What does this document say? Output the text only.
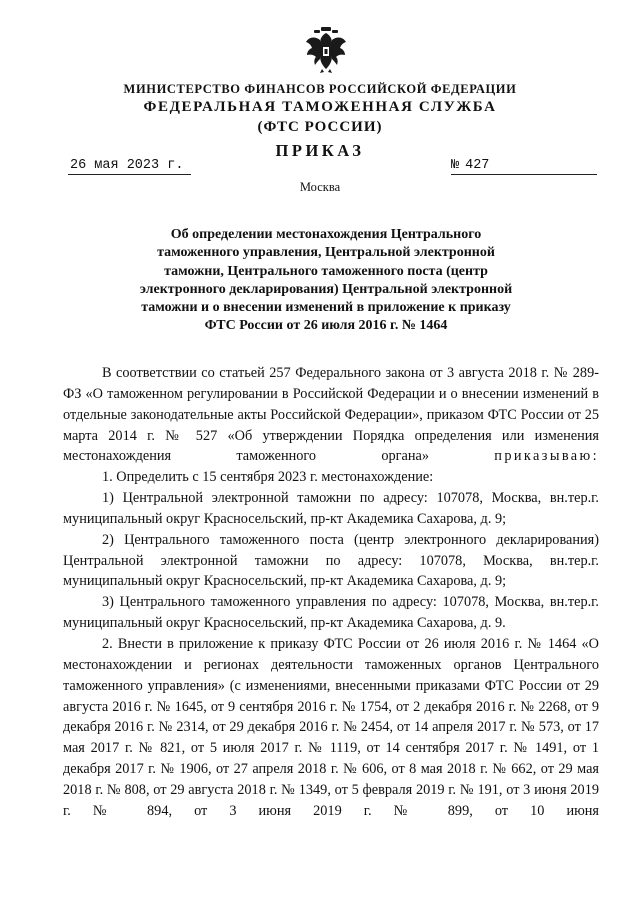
МИНИСТЕРСТВО ФИНАНСОВ РОССИЙСКОЙ ФЕДЕРАЦИИ
ФЕДЕРАЛЬНАЯ ТАМОЖЕННАЯ СЛУЖБА
(ФТС РОССИИ)
ПРИКАЗ
26 мая 2023 г.	№ 427
Москва
Об определении местонахождения Центрального таможенного управления, Центральной электронной таможни, Центрального таможенного поста (центр электронного декларирования) Центральной электронной таможни и о внесении изменений в приложение к приказу ФТС России от 26 июля 2016 г. № 1464

В соответствии со статьей 257 Федерального закона от 3 августа 2018 г. № 289-ФЗ «О таможенном регулировании в Российской Федерации и о внесении изменений в отдельные законодательные акты Российской Федерации», приказом ФТС России от 25 марта 2014 г. № 527 «Об утверждении Порядка определения или изменения местонахождения таможенного органа»	приказываю:

1. Определить с 15 сентября 2023 г. местонахождение:

1) Центральной электронной таможни по адресу: 107078, Москва, вн.тер.г. муниципальный округ Красносельский, пр-кт Академика Сахарова, д. 9;

2) Центрального таможенного поста (центр электронного декларирования) Центральной электронной таможни по адресу: 107078, Москва, вн.тер.г. муниципальный округ Красносельский, пр-кт Академика Сахарова, д. 9;

3) Центрального таможенного управления по адресу: 107078, Москва, вн.тер.г. муниципальный округ Красносельский, пр-кт Академика Сахарова, д. 9.

2. Внести в приложение к приказу ФТС России от 26 июля 2016 г. № 1464 «О местонахождении и регионах деятельности таможенных органов Центрального таможенного управления» (с изменениями, внесенными приказами ФТС России от 29 августа 2016 г. № 1645, от 9 сентября 2016 г. № 1754, от 2 декабря 2016 г. № 2268, от 9 декабря 2016 г. № 2314, от 29 декабря 2016 г. № 2454, от 14 апреля 2017 г. № 573, от 17 мая 2017 г. № 821, от 5 июля 2017 г. № 1119, от 14 сентября 2017 г. № 1491, от 1 декабря 2017 г. № 1906, от 27 апреля 2018 г. № 606, от 8 мая 2018 г. № 662, от 29 мая 2018 г. № 808, от 29 августа 2018 г. № 1349, от 5 февраля 2019 г. № 191, от 3 июня 2019 г. № 894, от 3 июня 2019 г. № 899, от 10 июня
